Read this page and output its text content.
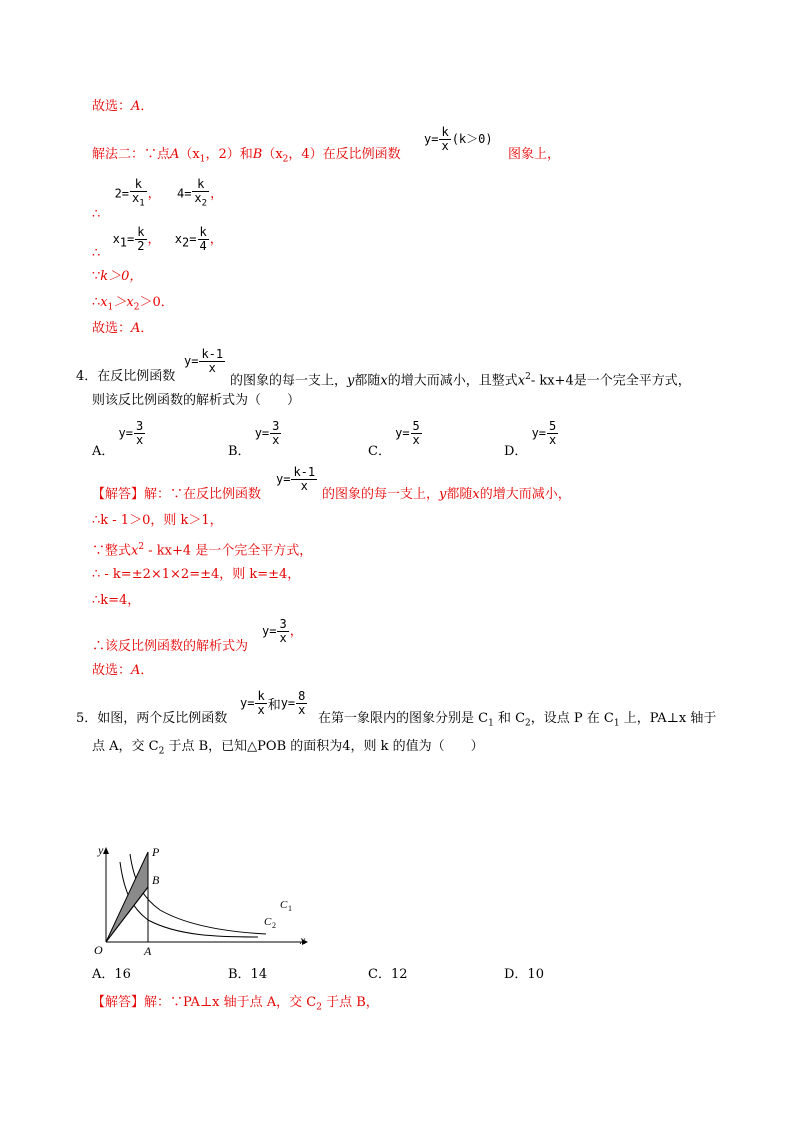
故选：A．
解法二：∵点$A(x_1$，2）和$B(x_2$，4）在反比例函数
$y= \frac{k}{x} (k>0)$
图象上，
∴  $2= \frac{k}{x_1}$ ， $4= \frac{k}{x_2}$ ，
∴  $x_1= \frac{k}{2}$ ， $x_2= \frac{k}{4}$ ，
∵k＞0，
$\therefore x_1>x_2>0$．
故选：A．
4．在反比例函数
$y= \frac{k-1}{x}$
的图象的每一支上，y都随x的增大而减小，且整式$x^2-$ kx+4是一个完全平方式，
则该反比例函数的解析式为（　　）
A． $y= \frac{3}{x}$
B． $y= \frac{3}{x}$
C． $y= \frac{5}{x}$
D． $y= \frac{5}{x}$
【解答】解：∵在反比例函数
$y= \frac{k-1}{x}$
的图象的每一支上，y都随x的增大而减小，
∴k - 1＞0，则 k＞1，
∵整式$x^2 - kx+4$ 是一个完全平方式，
∴ - k=±2×1×2=±4，则 k=±4，
∴k=4，
∴该反比例函数的解析式为
$y= \frac{3}{x}$ ，
故选：A．
5．如图，两个反比例函数
$y= \frac{k}{x}$ 和$y= \frac{8}{x}$
在第一象限内的图象分别是 $C_1$ 和 $C_2$，设点 P 在 $C_1$ 上，PA⊥x 轴于
点 A，交 $C_2$ 于点 B，已知△POB 的面积为4，则 k 的值为（　　）
y
x
O	A
P
B
C 1
C 2
A．16	B．14	C．12	D．10
【解答】解：∵PA⊥x 轴于点 A，交 $C_2$ 于点 B，
